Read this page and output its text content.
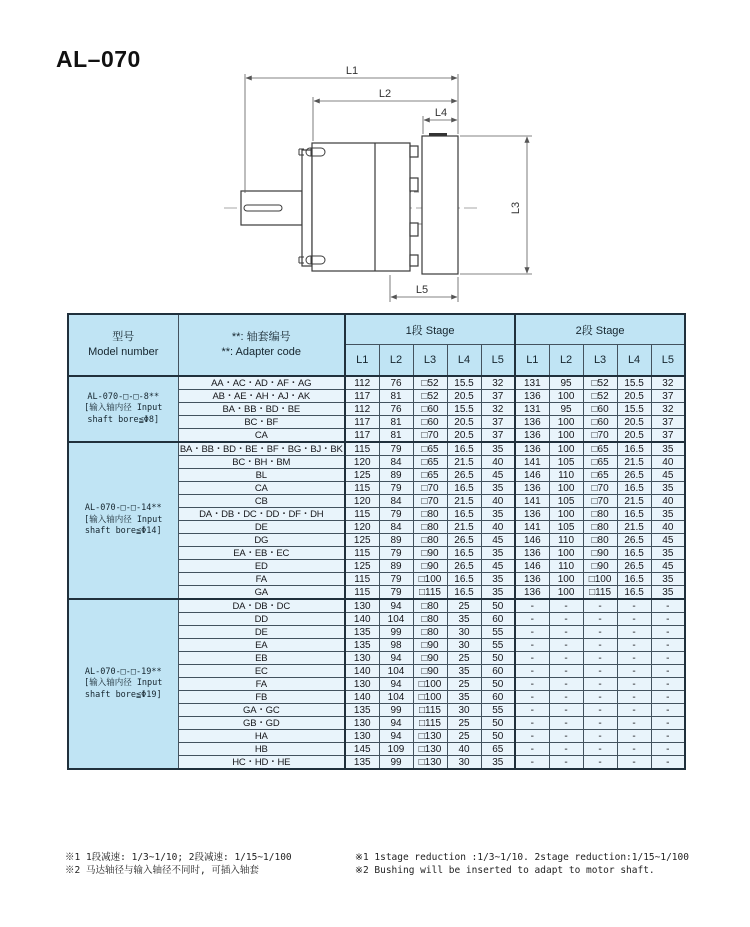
AL–070	L1
L2
L4
L3
L5
型号
Model number	**: 轴套编号
**: Adapter code	1段 Stage					2段 Stage				
		L1	L2	L3	L4	L5	L1	L2	L3	L4	L5

AL-070-□-□-8**
[输入轴内径 Input
shaft bore≦Φ8]	AA・AC・AD・AF・AG	112	76	□52	15.5	32	131	95	□52	15.5	32
	AB・AE・AH・AJ・AK	117	81	□52	20.5	37	136	100	□52	20.5	37
	BA・BB・BD・BE	112	76	□60	15.5	32	131	95	□60	15.5	32
	BC・BF	117	81	□60	20.5	37	136	100	□60	20.5	37
	CA	117	81	□70	20.5	37	136	100	□70	20.5	37

AL-070-□-□-14**
[输入轴内径 Input
shaft bore≦Φ14]	BA・BB・BD・BE・BF・BG・BJ・BK	115	79	□65	16.5	35	136	100	□65	16.5	35
	BC・BH・BM	120	84	□65	21.5	40	141	105	□65	21.5	40
	BL	125	89	□65	26.5	45	146	110	□65	26.5	45
	CA	115	79	□70	16.5	35	136	100	□70	16.5	35
	CB	120	84	□70	21.5	40	141	105	□70	21.5	40
	DA・DB・DC・DD・DF・DH	115	79	□80	16.5	35	136	100	□80	16.5	35
	DE	120	84	□80	21.5	40	141	105	□80	21.5	40
	DG	125	89	□80	26.5	45	146	110	□80	26.5	45
	EA・EB・EC	115	79	□90	16.5	35	136	100	□90	16.5	35
	ED	125	89	□90	26.5	45	146	110	□90	26.5	45
	FA	115	79	□100	16.5	35	136	100	□100	16.5	35
	GA	115	79	□115	16.5	35	136	100	□115	16.5	35

AL-070-□-□-19**
[输入轴内径 Input
shaft bore≦Φ19]	DA・DB・DC	130	94	□80	25	50	-	-	-	-	-
	DD	140	104	□80	35	60	-	-	-	-	-
	DE	135	99	□80	30	55	-	-	-	-	-
	EA	135	98	□90	30	55	-	-	-	-	-
	EB	130	94	□90	25	50	-	-	-	-	-
	EC	140	104	□90	35	60	-	-	-	-	-
	FA	130	94	□100	25	50	-	-	-	-	-
	FB	140	104	□100	35	60	-	-	-	-	-
	GA・GC	135	99	□115	30	55	-	-	-	-	-
	GB・GD	130	94	□115	25	50	-	-	-	-	-
	HA	130	94	□130	25	50	-	-	-	-	-
	HB	145	109	□130	40	65	-	-	-	-	-
	HC・HD・HE	135	99	□130	30	35	-	-	-	-	-
※1 1段减速: 1/3~1/10; 2段减速: 1/15~1/100
※2 马达轴径与输入轴径不同时, 可插入轴套
※1 1stage reduction :1/3~1/10. 2stage reduction:1/15~1/100
※2 Bushing will be inserted to adapt to motor shaft.
